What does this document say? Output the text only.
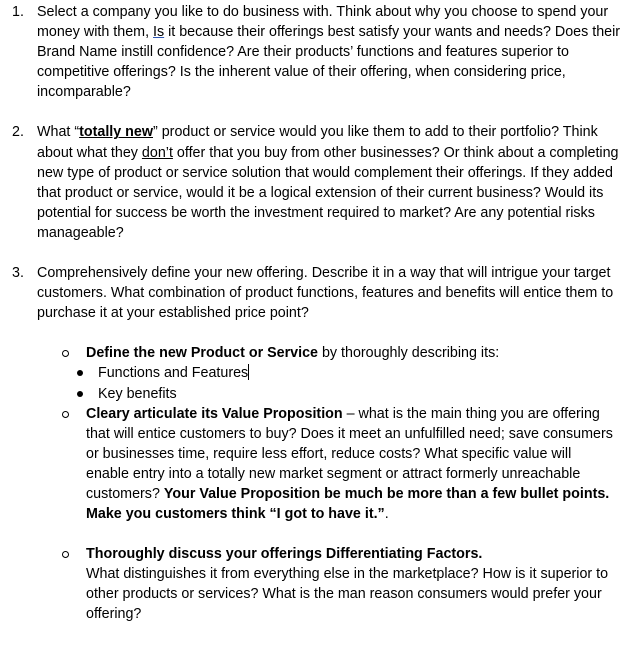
1. Select a company you like to do business with. Think about why you choose to spend your money with them, Is it because their offerings best satisfy your wants and needs? Does their Brand Name instill confidence? Are their products’ functions and features superior to competitive offerings? Is the inherent value of their offering, when considering price, incomparable?

2. What “totally new” product or service would you like them to add to their portfolio? Think about what they don’t offer that you buy from other businesses? Or think about a completing new type of product or service solution that would complement their offerings. If they added that product or service, would it be a logical extension of their current business? Would its potential for success be worth the investment required to market? Are any potential risks manageable?

3. Comprehensively define your new offering. Describe it in a way that will intrigue your target customers. What combination of product functions, features and benefits will entice them to purchase it at your established price point?

Define the new Product or Service by thoroughly describing its:

Functions and Features
Key benefits

Cleary articulate its Value Proposition – what is the main thing you are offering that will entice customers to buy? Does it meet an unfulfilled need; save consumers or businesses time, require less effort, reduce costs? What specific value will enable entry into a totally new market segment or attract formerly unreachable customers? Your Value Proposition be much be more than a few bullet points. Make you customers think “I got to have it.”.

Thoroughly discuss your offerings Differentiating Factors.

What distinguishes it from everything else in the marketplace? How is it superior to other products or services? What is the man reason consumers would prefer your offering?
